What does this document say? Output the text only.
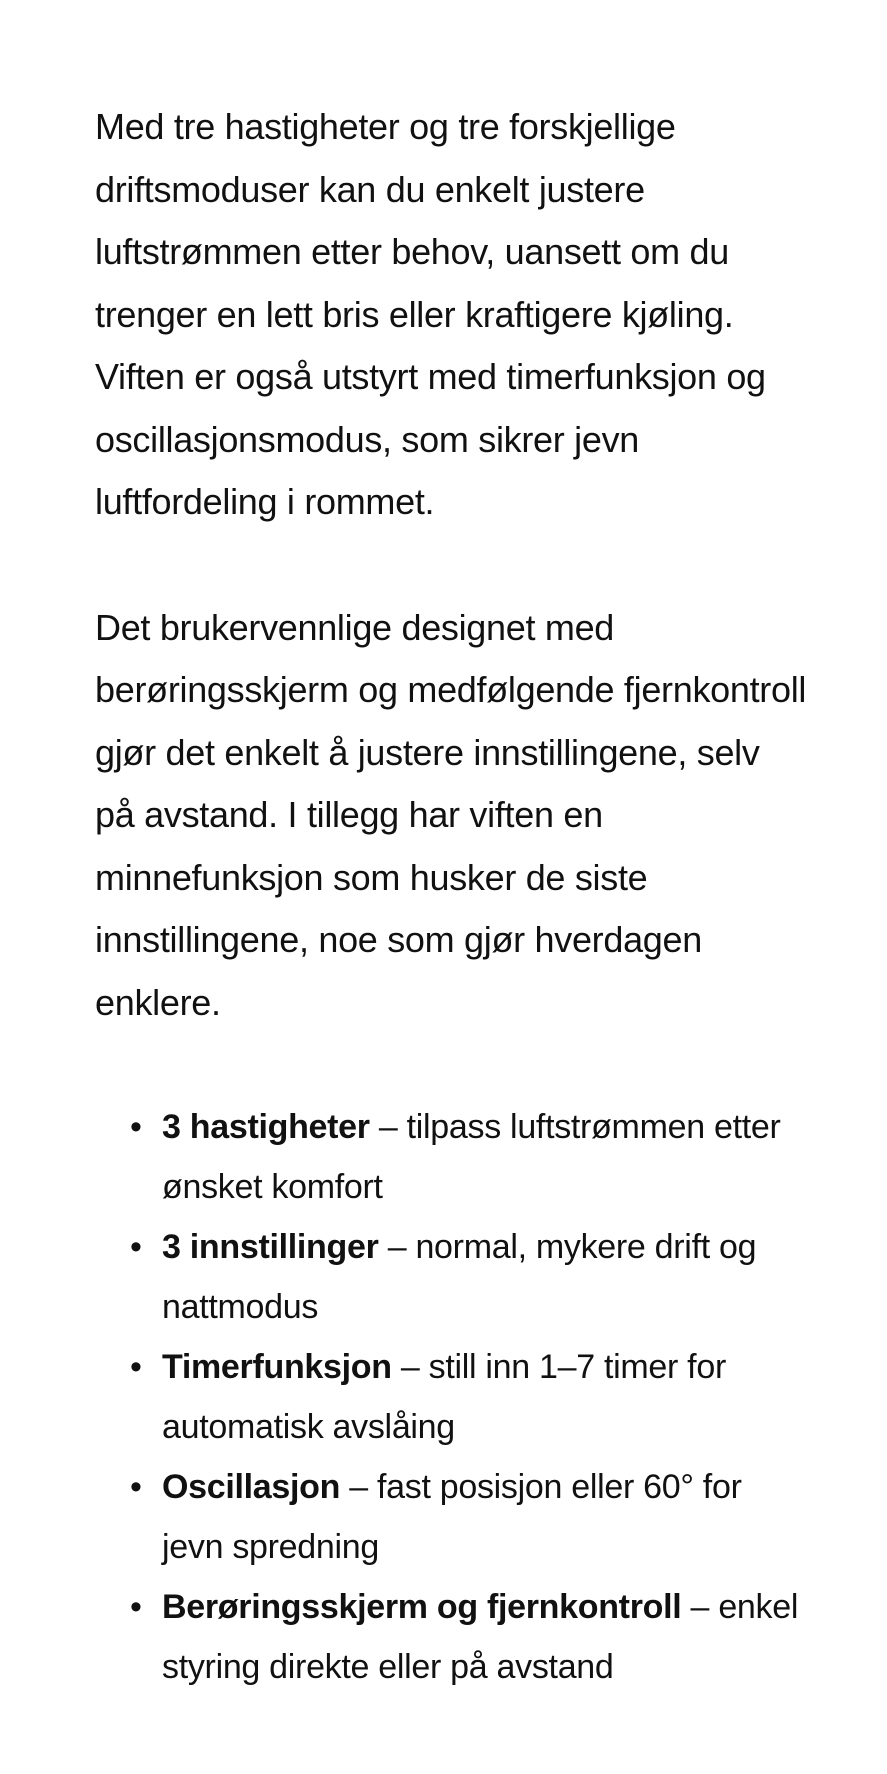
Med tre hastigheter og tre forskjellige driftsmoduser kan du enkelt justere luftstrømmen etter behov, uansett om du trenger en lett bris eller kraftigere kjøling. Viften er også utstyrt med timerfunksjon og oscillasjonsmodus, som sikrer jevn luftfordeling i rommet.

Det brukervennlige designet med berøringsskjerm og medfølgende fjernkontroll gjør det enkelt å justere innstillingene, selv på avstand. I tillegg har viften en minnefunksjon som husker de siste innstillingene, noe som gjør hverdagen enklere.

• 3 hastigheter – tilpass luftstrømmen etter ønsket komfort
• 3 innstillinger – normal, mykere drift og nattmodus
• Timerfunksjon – still inn 1–7 timer for automatisk avslåing
• Oscillasjon – fast posisjon eller 60° for jevn spredning
• Berøringsskjerm og fjernkontroll – enkel styring direkte eller på avstand
